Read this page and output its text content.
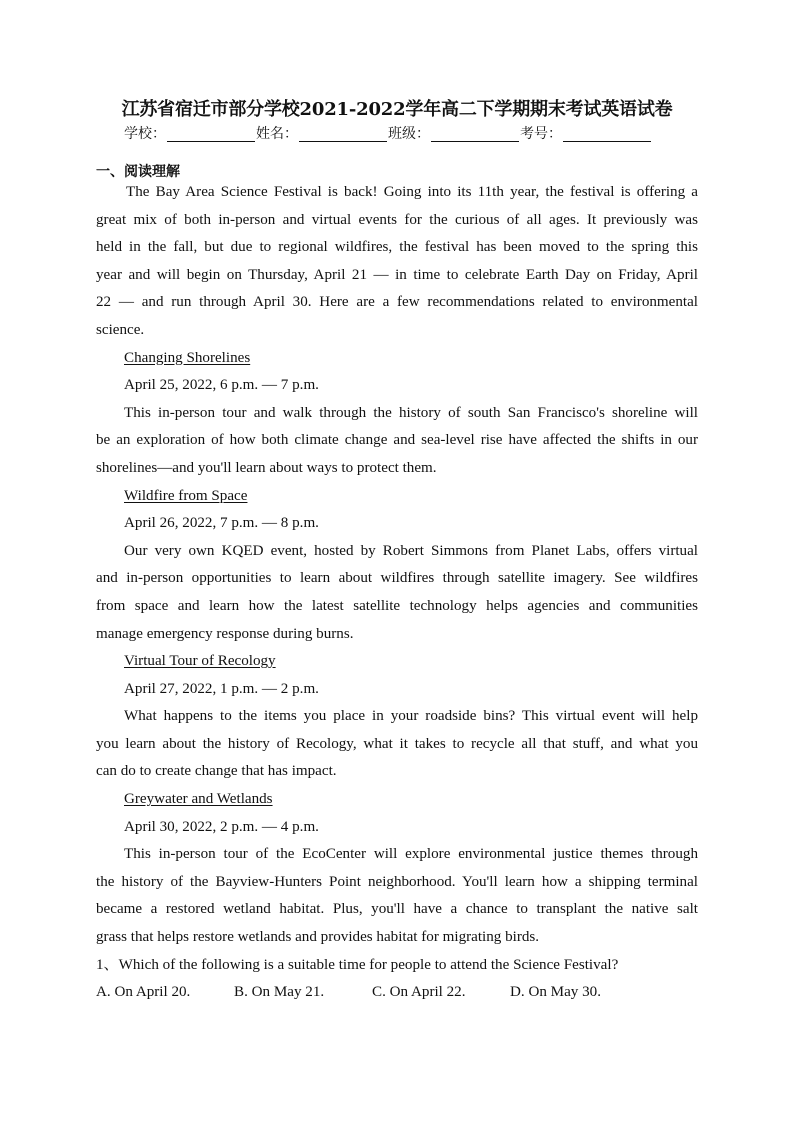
江苏省宿迁市部分学校2021-2022学年高二下学期期末考试英语试卷
学校：	姓名：	班级：	考号：
一、阅读理解
The Bay Area Science Festival is back! Going into its 11th year, the festival is offering a
great mix of both in-person and virtual events for the curious of all ages. It previously was
held in the fall, but due to regional wildfires, the festival has been moved to the spring this
year and will begin on Thursday, April 21 — in time to celebrate Earth Day on Friday, April
22 — and run through April 30. Here are a few recommendations related to environmental
science.
Changing Shorelines
April 25, 2022, 6 p.m. — 7 p.m.
This in-person tour and walk through the history of south San Francisco's shoreline will
be an exploration of how both climate change and sea-level rise have affected the shifts in our
shorelines—and you'll learn about ways to protect them.
Wildfire from Space
April 26, 2022, 7 p.m. — 8 p.m.
Our very own KQED event, hosted by Robert Simmons from Planet Labs, offers virtual
and in-person opportunities to learn about wildfires through satellite imagery. See wildfires
from space and learn how the latest satellite technology helps agencies and communities
manage emergency response during burns.
Virtual Tour of Recology
April 27, 2022, 1 p.m. — 2 p.m.
What happens to the items you place in your roadside bins? This virtual event will help
you learn about the history of Recology, what it takes to recycle all that stuff, and what you
can do to create change that has impact.
Greywater and Wetlands
April 30, 2022, 2 p.m. — 4 p.m.
This in-person tour of the EcoCenter will explore environmental justice themes through
the history of the Bayview-Hunters Point neighborhood. You'll learn how a shipping terminal
became a restored wetland habitat. Plus, you'll have a chance to transplant the native salt
grass that helps restore wetlands and provides habitat for migrating birds.
1、Which of the following is a suitable time for people to attend the Science Festival?
A. On April 20.	B. On May 21.	C. On April 22.	D. On May 30.
